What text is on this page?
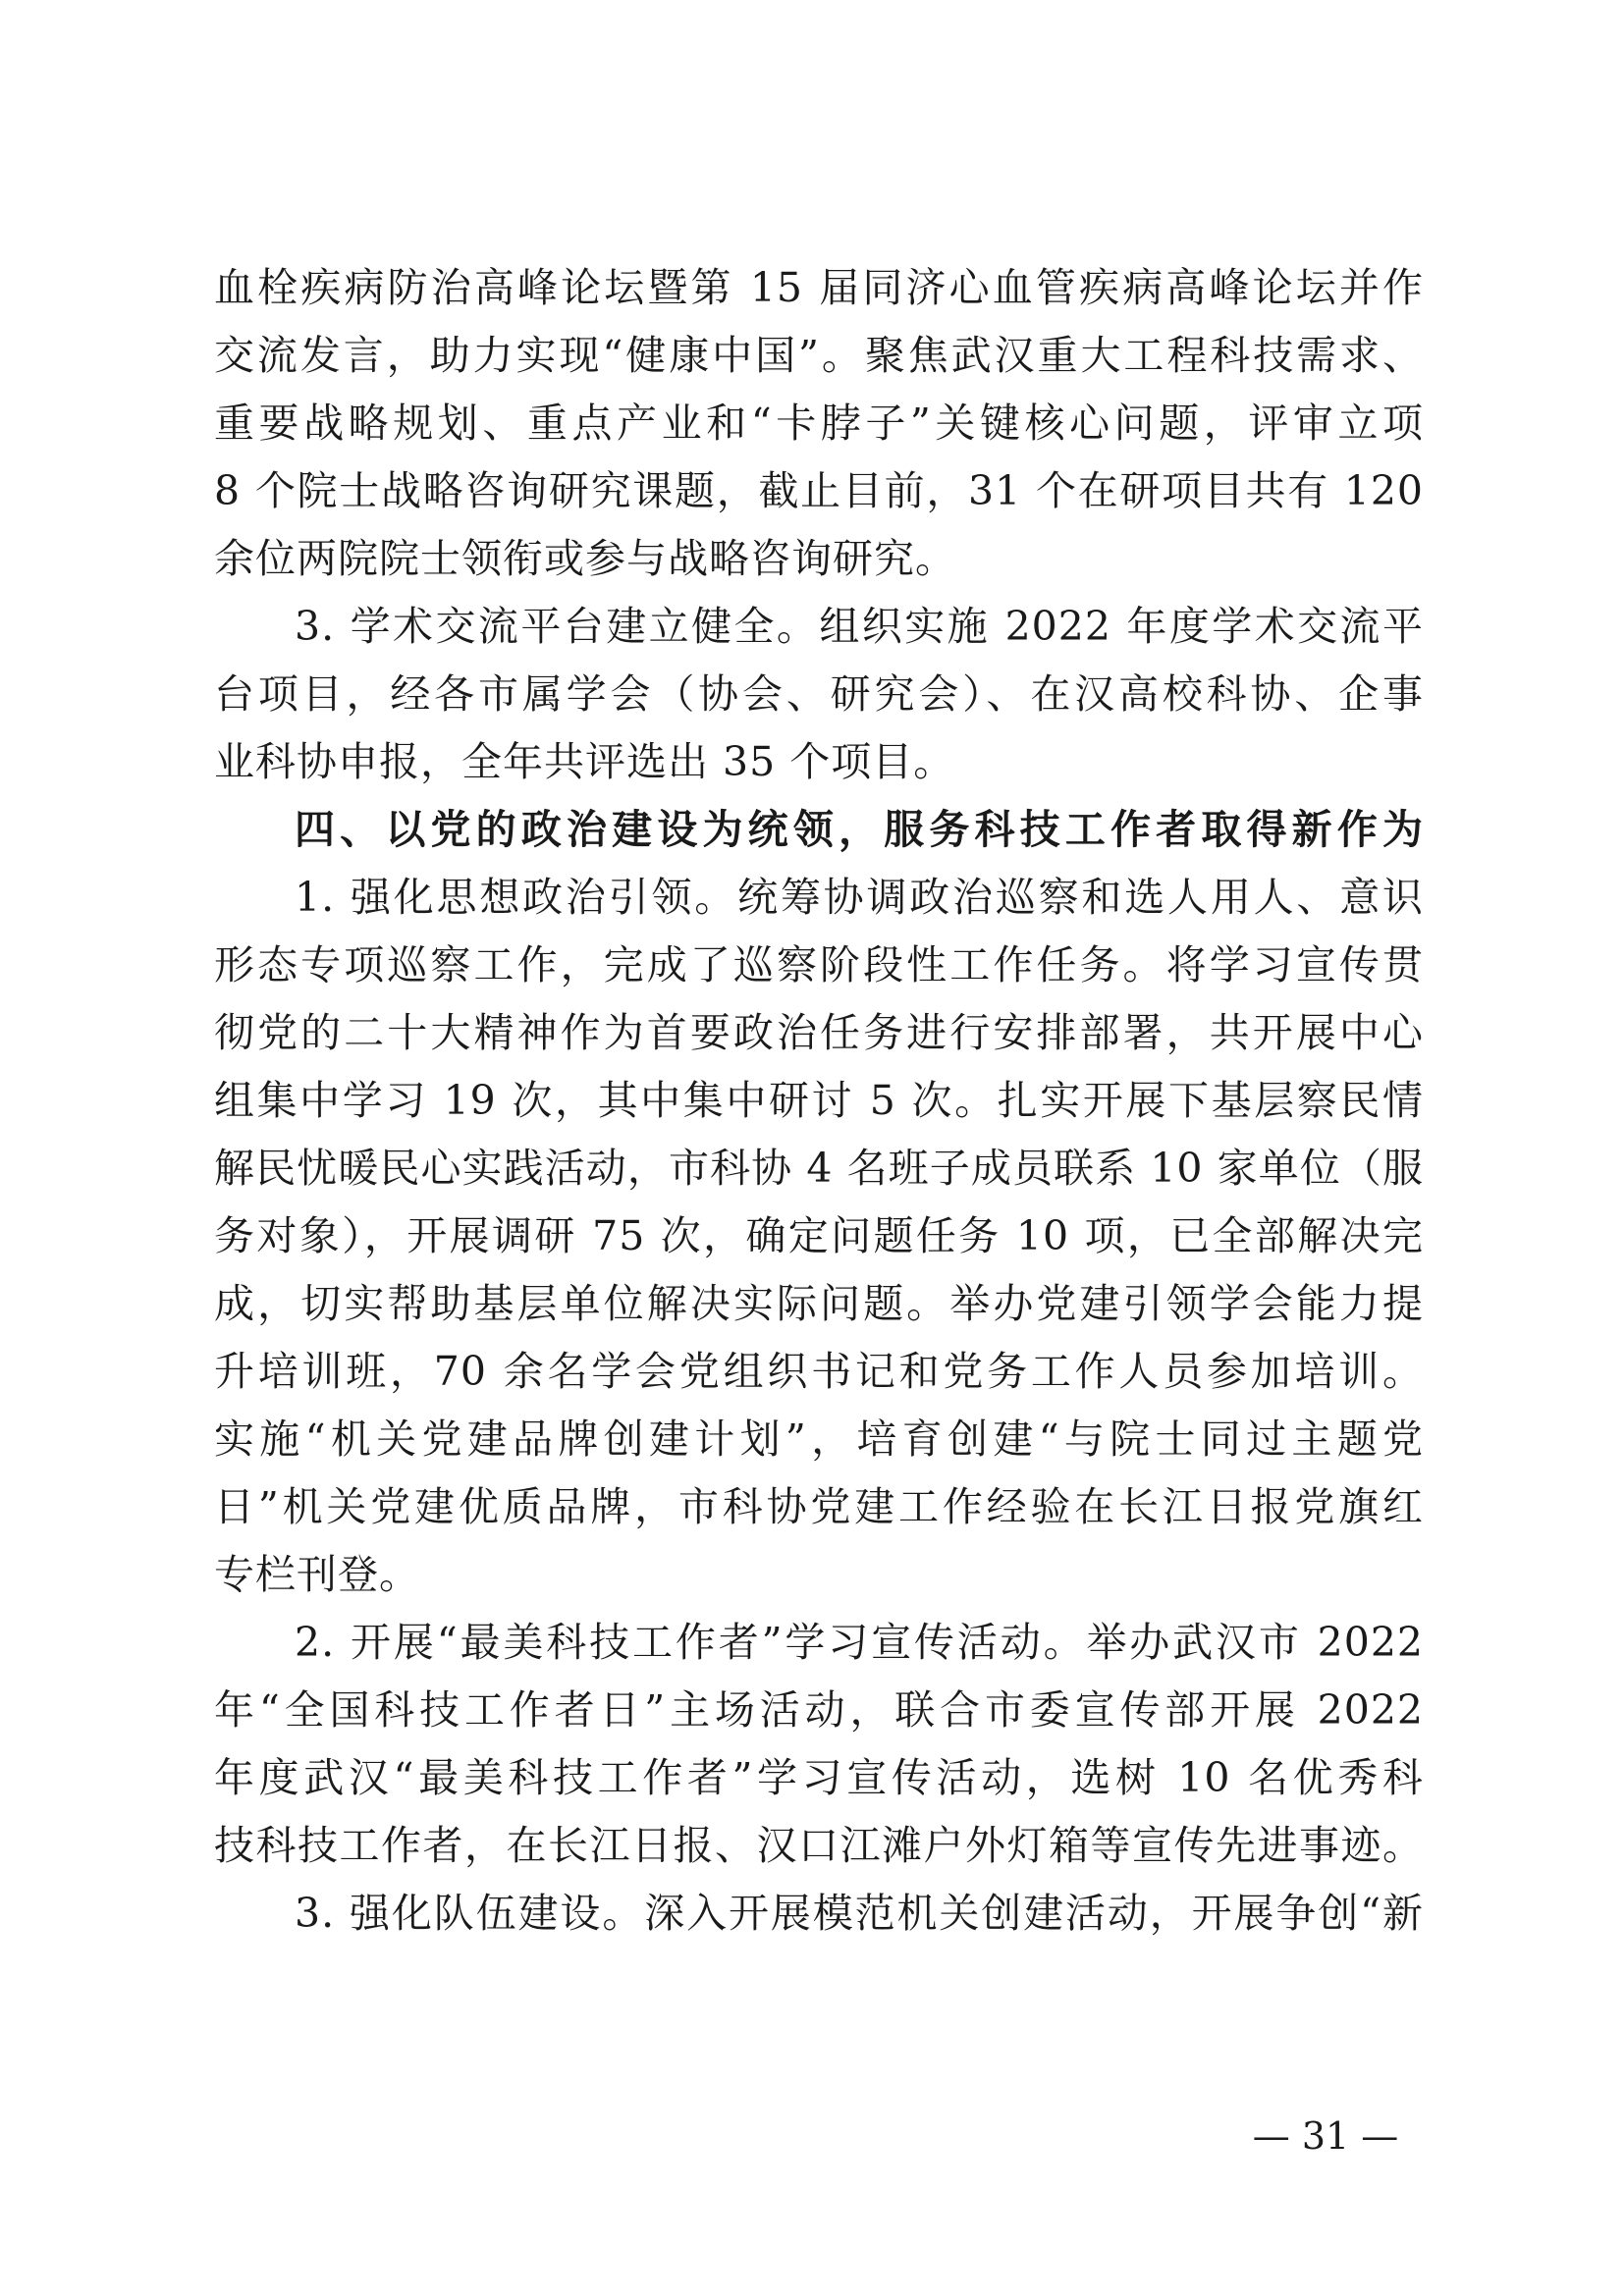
血栓疾病防治高峰论坛暨第 15 届同济心血管疾病高峰论坛并作
交流发言，助力实现“健康中国”。聚焦武汉重大工程科技需求、
重要战略规划、重点产业和“卡脖子”关键核心问题，评审立项
8 个院士战略咨询研究课题，截止目前，31 个在研项目共有 120
余位两院院士领衔或参与战略咨询研究。
3. 学术交流平台建立健全。组织实施 2022 年度学术交流平
台项目，经各市属学会（协会、研究会）、在汉高校科协、企事
业科协申报，全年共评选出 35 个项目。
四、以党的政治建设为统领，服务科技工作者取得新作为
1. 强化思想政治引领。统筹协调政治巡察和选人用人、意识
形态专项巡察工作，完成了巡察阶段性工作任务。将学习宣传贯
彻党的二十大精神作为首要政治任务进行安排部署，共开展中心
组集中学习 19 次，其中集中研讨 5 次。扎实开展下基层察民情
解民忧暖民心实践活动，市科协 4 名班子成员联系 10 家单位（服
务对象），开展调研 75 次，确定问题任务 10 项，已全部解决完
成，切实帮助基层单位解决实际问题。举办党建引领学会能力提
升培训班，70 余名学会党组织书记和党务工作人员参加培训。
实施“机关党建品牌创建计划”，培育创建“与院士同过主题党
日”机关党建优质品牌，市科协党建工作经验在长江日报党旗红
专栏刊登。
2. 开展“最美科技工作者”学习宣传活动。举办武汉市 2022
年“全国科技工作者日”主场活动，联合市委宣传部开展 2022
年度武汉“最美科技工作者”学习宣传活动，选树 10 名优秀科
技科技工作者，在长江日报、汉口江滩户外灯箱等宣传先进事迹。
3. 强化队伍建设。深入开展模范机关创建活动，开展争创“新
— 31 —
